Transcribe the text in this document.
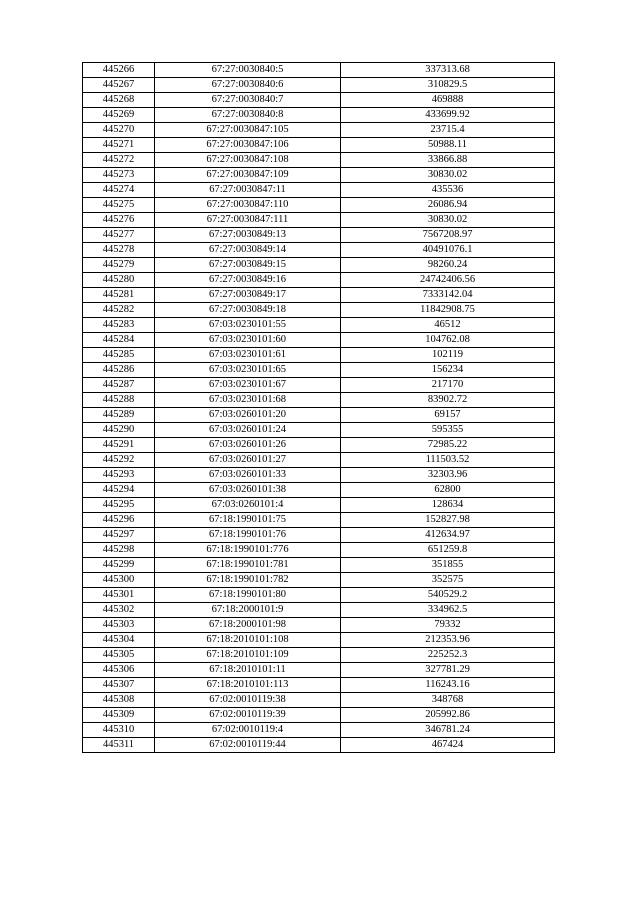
445266	67:27:0030840:5	337313.68
445267	67:27:0030840:6	310829.5
445268	67:27:0030840:7	469888
445269	67:27:0030840:8	433699.92
445270	67:27:0030847:105	23715.4
445271	67:27:0030847:106	50988.11
445272	67:27:0030847:108	33866.88
445273	67:27:0030847:109	30830.02
445274	67:27:0030847:11	435536
445275	67:27:0030847:110	26086.94
445276	67:27:0030847:111	30830.02
445277	67:27:0030849:13	7567208.97
445278	67:27:0030849:14	40491076.1
445279	67:27:0030849:15	98260.24
445280	67:27:0030849:16	24742406.56
445281	67:27:0030849:17	7333142.04
445282	67:27:0030849:18	11842908.75
445283	67:03:0230101:55	46512
445284	67:03:0230101:60	104762.08
445285	67:03:0230101:61	102119
445286	67:03:0230101:65	156234
445287	67:03:0230101:67	217170
445288	67:03:0230101:68	83902.72
445289	67:03:0260101:20	69157
445290	67:03:0260101:24	595355
445291	67:03:0260101:26	72985.22
445292	67:03:0260101:27	111503.52
445293	67:03:0260101:33	32303.96
445294	67:03:0260101:38	62800
445295	67:03:0260101:4	128634
445296	67:18:1990101:75	152827.98
445297	67:18:1990101:76	412634.97
445298	67:18:1990101:776	651259.8
445299	67:18:1990101:781	351855
445300	67:18:1990101:782	352575
445301	67:18:1990101:80	540529.2
445302	67:18:2000101:9	334962.5
445303	67:18:2000101:98	79332
445304	67:18:2010101:108	212353.96
445305	67:18:2010101:109	225252.3
445306	67:18:2010101:11	327781.29
445307	67:18:2010101:113	116243.16
445308	67:02:0010119:38	348768
445309	67:02:0010119:39	205992.86
445310	67:02:0010119:4	346781.24
445311	67:02:0010119:44	467424
